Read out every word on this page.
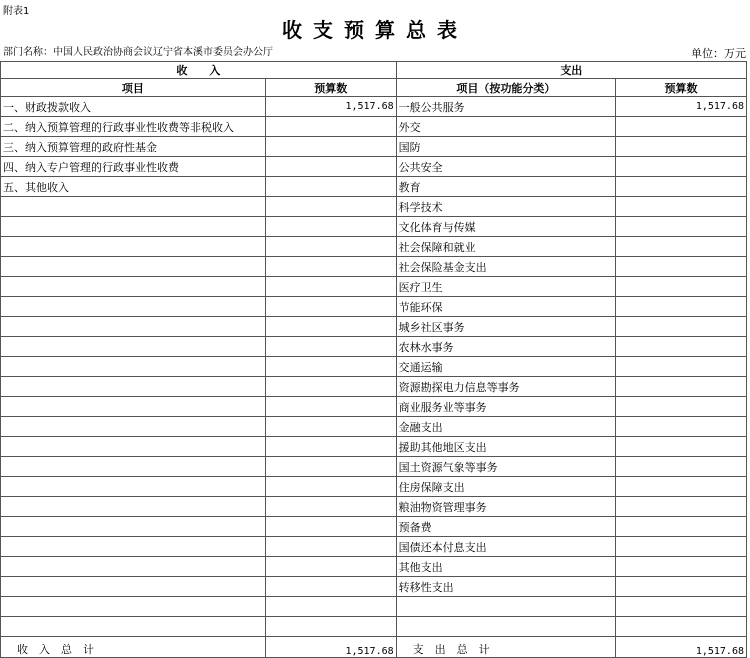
附表1
收支预算总表
部门名称：中国人民政治协商会议辽宁省本溪市委员会办公厅	单位：万元
收　　入		支出	
项目	预算数	项目（按功能分类）	预算数
一、财政拨款收入	1,517.68	一般公共服务	1,517.68
二、纳入预算管理的行政事业性收费等非税收入		外交	
三、纳入预算管理的政府性基金		国防	
四、纳入专户管理的行政事业性收费		公共安全	
五、其他收入		教育	
		科学技术	
		文化体育与传媒	
		社会保障和就业	
		社会保险基金支出	
		医疗卫生	
		节能环保	
		城乡社区事务	
		农林水事务	
		交通运输	
		资源勘探电力信息等事务	
		商业服务业等事务	
		金融支出	
		援助其他地区支出	
		国土资源气象等事务	
		住房保障支出	
		粮油物资管理事务	
		预备费	
		国债还本付息支出	
		其他支出	
		转移性支出	

收入总计	1,517.68	支出总计	1,517.68
